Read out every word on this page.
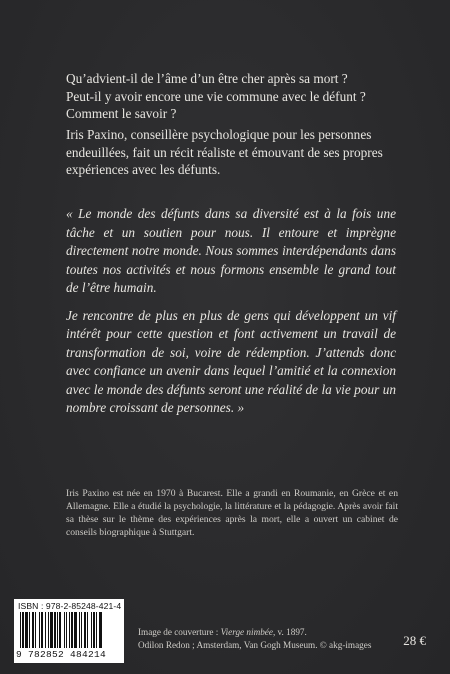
Qu’advient-il de l’âme d’un être cher après sa mort ?

Peut-il y avoir encore une vie commune avec le défunt ?

Comment le savoir ?

Iris Paxino, conseillère psychologique pour les personnes endeuillées, fait un récit réaliste et émouvant de ses propres expériences avec les défunts.

« Le monde des défunts dans sa diversité est à la fois une tâche et un soutien pour nous. Il entoure et imprègne directement notre monde. Nous sommes interdépendants dans toutes nos activités et nous formons ensemble le grand tout de l’être humain.

Je rencontre de plus en plus de gens qui développent un vif intérêt pour cette question et font activement un travail de transformation de soi, voire de rédemption. J’attends donc avec confiance un avenir dans lequel l’amitié et la connexion avec le monde des défunts seront une réalité de la vie pour un nombre croissant de personnes. »

Iris Paxino est née en 1970 à Bucarest. Elle a grandi en Roumanie, en Grèce et en Allemagne. Elle a étudié la psychologie, la littérature et la pédagogie. Après avoir fait sa thèse sur le thème des expériences après la mort, elle a ouvert un cabinet de conseils biographique à Stuttgart.

ISBN : 978-2-85248-421-4
9 782852 484214
Image de couverture : Vierge nimbée, v. 1897.
Odilon Redon ; Amsterdam, Van Gogh Museum. © akg-images	28 €
